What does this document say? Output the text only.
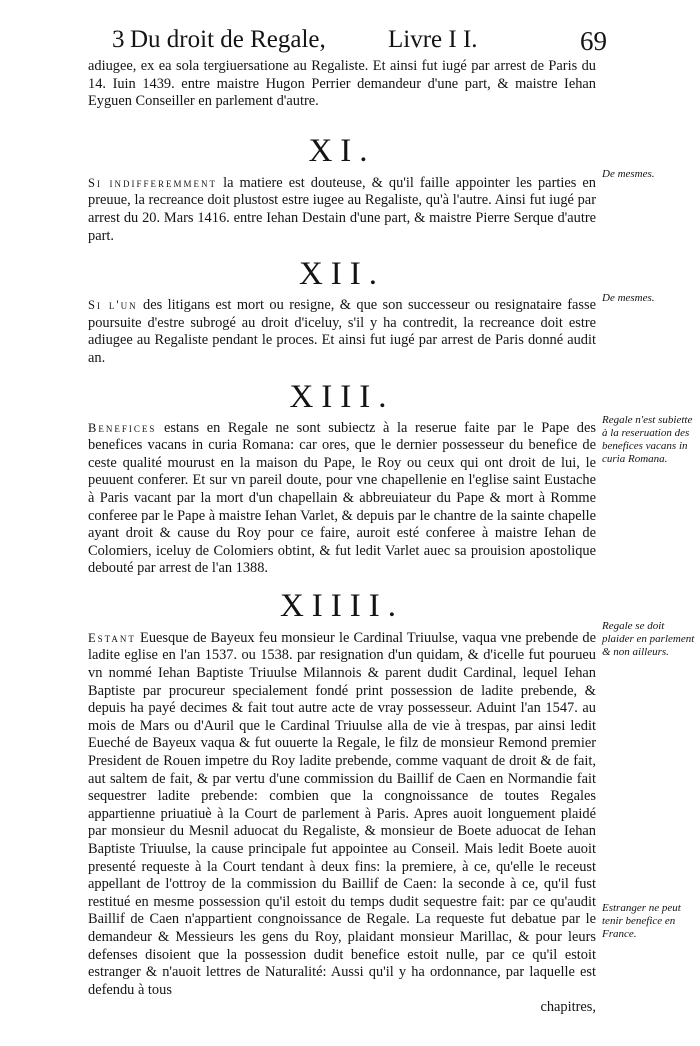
3 Du droit de Regale, Livre I I.	69

adiugee, ex ea sola tergiuersatione au Regaliste. Et ainsi fut iugé par arrest de Paris du 14. Iuin 1439. entre maistre Hugon Perrier demandeur d'une part, & maistre Iehan Eyguen Conseiller en parlement d'autre.

XI.

Si indifferemment la matiere est douteuse, & qu'il faille appointer les parties en preuue, la recreance doit plustost estre iugee au Regaliste, qu'à l'autre. Ainsi fut iugé par arrest du 20. Mars 1416. entre Iehan Destain d'une part, & maistre Pierre Serque d'autre part.

XII.

Si l'un des litigans est mort ou resigne, & que son successeur ou resignataire fasse poursuite d'estre subrogé au droit d'iceluy, s'il y ha contredit, la recreance doit estre adiugee au Regaliste pendant le proces. Et ainsi fut iugé par arrest de Paris donné audit an.

XIII.

Benefices estans en Regale ne sont subiectz à la reserue faite par le Pape des benefices vacans in curia Romana: car ores, que le dernier possesseur du benefice de ceste qualité mourust en la maison du Pape, le Roy ou ceux qui ont droit de lui, le peuuent conferer. Et sur vn pareil doute, pour vne chapellenie en l'eglise saint Eustache à Paris vacant par la mort d'un chapellain & abbreuiateur du Pape & mort à Romme conferee par le Pape à maistre Iehan Varlet, & depuis par le chantre de la sainte chapelle ayant droit & cause du Roy pour ce faire, auroit esté conferee à maistre Iehan de Colomiers, iceluy de Colomiers obtint, & fut ledit Varlet auec sa prouision apostolique debouté par arrest de l'an 1388.

XIIII.

Estant Euesque de Bayeux feu monsieur le Cardinal Triuulse, vaqua vne prebende de ladite eglise en l'an 1537. ou 1538. par resignation d'un quidam, & d'icelle fut pourueu vn nommé Iehan Baptiste Triuulse Milannois & parent dudit Cardinal, lequel Iehan Baptiste par procureur specialement fondé print possession de ladite prebende, & depuis ha payé decimes & fait tout autre acte de vray possesseur. Aduint l'an 1547. au mois de Mars ou d'Auril que le Cardinal Triuulse alla de vie à trespas, par ainsi ledit Eueché de Bayeux vaqua & fut ouuerte la Regale, le filz de monsieur Remond premier President de Rouen impetre du Roy ladite prebende, comme vaquant de droit & de fait, aut saltem de fait, & par vertu d'une commission du Baillif de Caen en Normandie fait sequestrer ladite prebende: combien que la congnoissance de toutes Regales appartienne priuatiuè à la Court de parlement à Paris. Apres auoit longuement plaidé par monsieur du Mesnil aduocat du Regaliste, & monsieur de Boete aduocat de Iehan Baptiste Triuulse, la cause principale fut appointee au Conseil. Mais ledit Boete auoit presenté requeste à la Court tendant à deux fins: la premiere, à ce, qu'elle le receust appellant de l'ottroy de la commission du Baillif de Caen: la seconde à ce, qu'il fust restitué en mesme possession qu'il estoit du temps dudit sequestre fait: par ce qu'audit Baillif de Caen n'appartient congnoissance de Regale. La requeste fut debatue par le demandeur & Messieurs les gens du Roy, plaidant monsieur Marillac, & pour leurs defenses disoient que la possession dudit benefice estoit nulle, par ce qu'il estoit estranger & n'auoit lettres de Naturalité: Aussi qu'il y ha ordonnance, par laquelle est defendu à tous

chapitres,

De mesmes.
De mesmes.
Regale n'est subiette à la reseruation des benefices vacans in curia Romana.
Regale se doit plaider en parlement & non ailleurs.
Estranger ne peut tenir benefice en France.
